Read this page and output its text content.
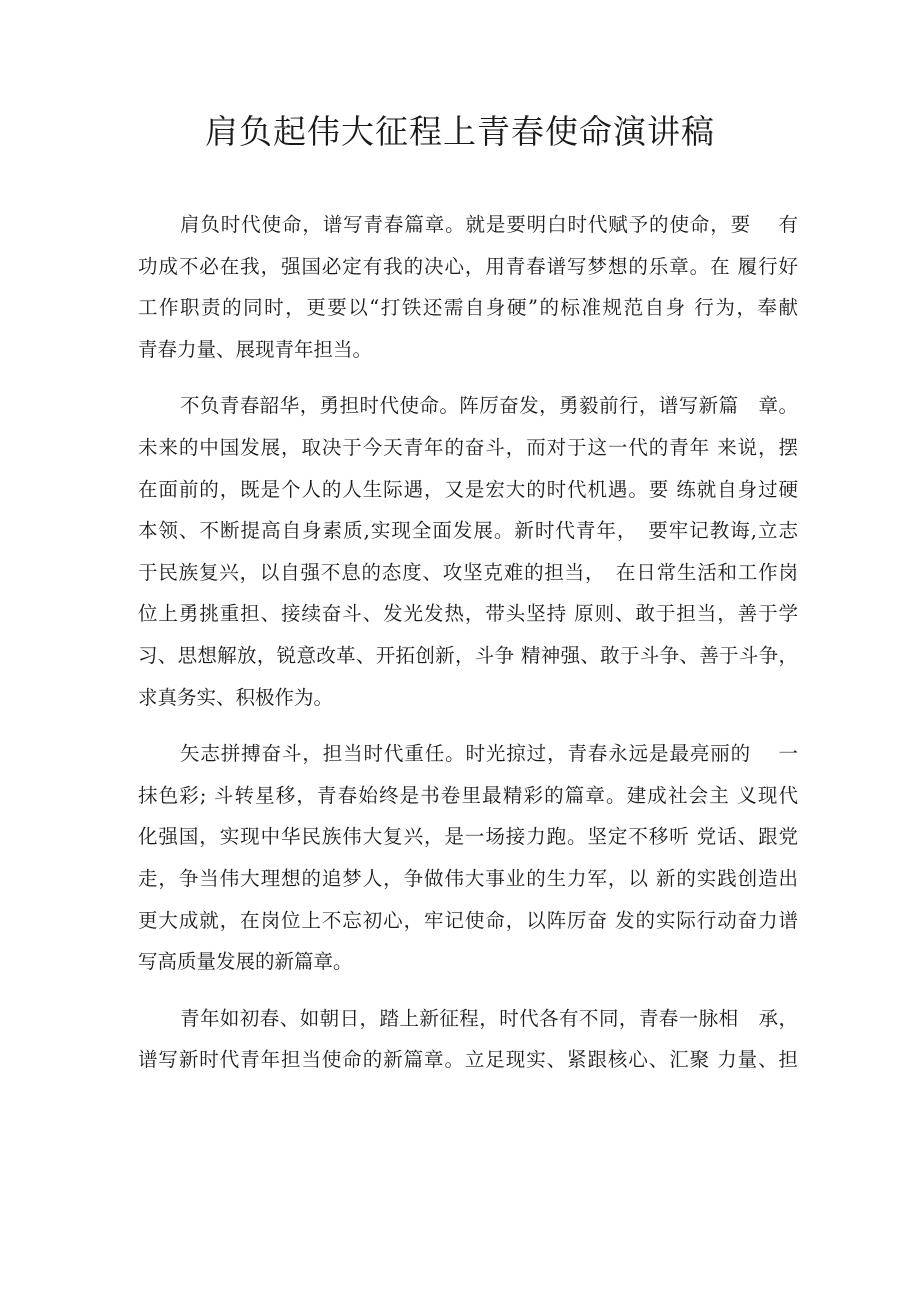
肩负起伟大征程上青春使命演讲稿
肩负时代使命，谱写青春篇章。就是要明白时代赋予的使命，要　 有
功成不必在我，强国必定有我的决心，用青春谱写梦想的乐章。在 履行好
工作职责的同时，更要以“打铁还需自身硬”的标准规范自身 行为，奉献
青春力量、展现青年担当。
不负青春韶华，勇担时代使命。阵厉奋发，勇毅前行，谱写新篇　章。
未来的中国发展，取决于今天青年的奋斗，而对于这一代的青年 来说，摆
在面前的，既是个人的人生际遇，又是宏大的时代机遇。要 练就自身过硬
本领、不断提高自身素质,实现全面发展。新时代青年，　要牢记教诲,立志
于民族复兴，以自强不息的态度、攻坚克难的担当，　在日常生活和工作岗
位上勇挑重担、接续奋斗、发光发热，带头坚持 原则、敢于担当，善于学
习、思想解放，锐意改革、开拓创新，斗争 精神强、敢于斗争、善于斗争，
求真务实、积极作为。
矢志拼搏奋斗，担当时代重任。时光掠过，青春永远是最亮丽的　 一
抹色彩; 斗转星移，青春始终是书卷里最精彩的篇章。建成社会主 义现代
化强国，实现中华民族伟大复兴，是一场接力跑。坚定不移听 党话、跟党
走，争当伟大理想的追梦人，争做伟大事业的生力军，以 新的实践创造出
更大成就，在岗位上不忘初心，牢记使命，以阵厉奋 发的实际行动奋力谱
写高质量发展的新篇章。
青年如初春、如朝日，踏上新征程，时代各有不同，青春一脉相　承，
谱写新时代青年担当使命的新篇章。立足现实、紧跟核心、汇聚 力量、担
